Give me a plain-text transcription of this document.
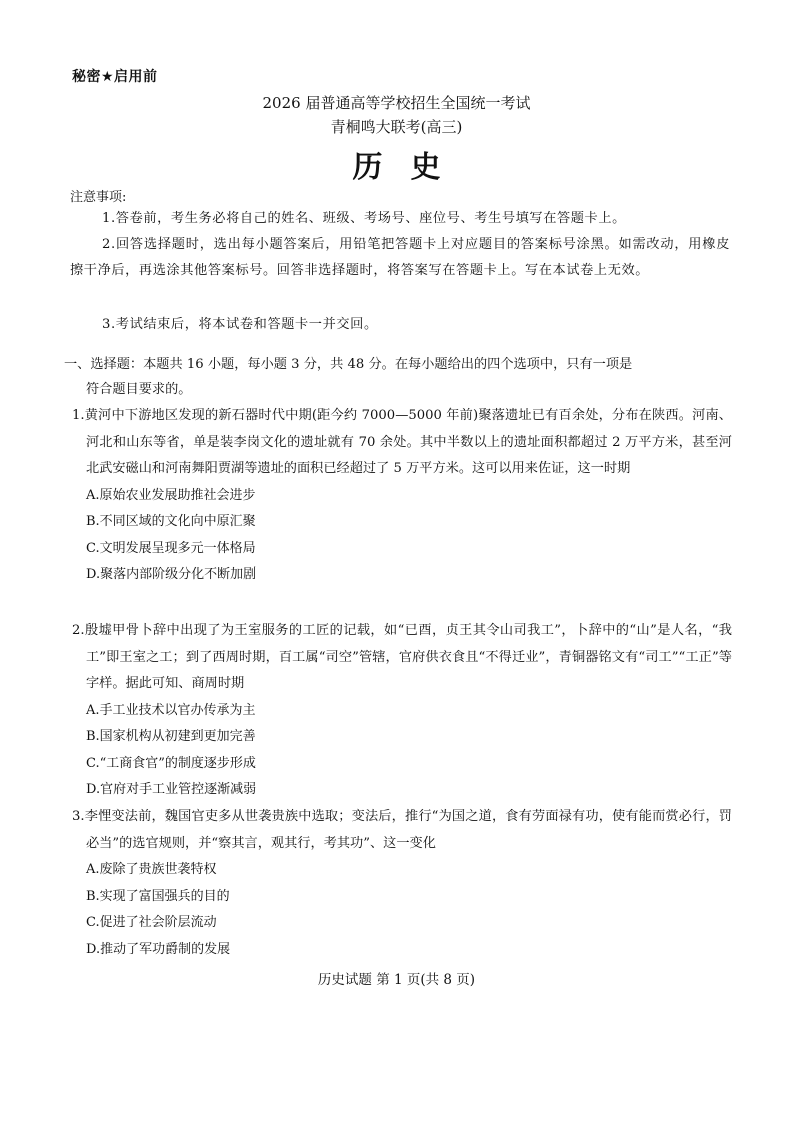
秘密★启用前
2026 届普通高等学校招生全国统一考试
青桐鸣大联考(高三)
历史
注意事项:
1.答卷前，考生务必将自己的姓名、班级、考场号、座位号、考生号填写在答题卡上。
2.回答选择题时，选出每小题答案后，用铅笔把答题卡上对应题目的答案标号涂黑。如需改动，用橡皮擦干净后，再选涂其他答案标号。回答非选择题时，将答案写在答题卡上。写在本试卷上无效。
3.考试结束后，将本试卷和答题卡一并交回。
一、选择题：本题共 16 小题，每小题 3 分，共 48 分。在每小题给出的四个选项中，只有一项是
符合题目要求的。
1.黄河中下游地区发现的新石器时代中期(距今约 7000—5000 年前)聚落遗址已有百余处，分布在陕西。河南、河北和山东等省，单是装李岗文化的遗址就有 70 余处。其中半数以上的遗址面积都超过 2 万平方米，甚至河北武安磁山和河南舞阳贾湖等遗址的面积已经超过了 5 万平方米。这可以用来佐证，这一时期
A.原始农业发展助推社会进步
B.不同区域的文化向中原汇聚
C.文明发展呈现多元一体格局
D.聚落内部阶级分化不断加剧
2.殷墟甲骨卜辞中出现了为王室服务的工匠的记载，如“已酉，贞王其令山司我工”，卜辞中的“山”是人名，“我工”即王室之工；到了西周时期，百工属“司空”管辖，官府供衣食且“不得迁业”，青铜器铭文有“司工”“工正”等字样。据此可知、商周时期
A.手工业技术以官办传承为主
B.国家机构从初建到更加完善
C.“工商食官”的制度逐步形成
D.官府对手工业管控逐渐减弱
3.李悝变法前，魏国官吏多从世袭贵族中选取；变法后，推行“为国之道，食有劳面禄有功，使有能而赏必行，罚必当”的选官规则，并“察其言，观其行，考其功”、这一变化
A.废除了贵族世袭特权
B.实现了富国强兵的目的
C.促进了社会阶层流动
D.推动了军功爵制的发展
历史试题 第 1 页(共 8 页)
